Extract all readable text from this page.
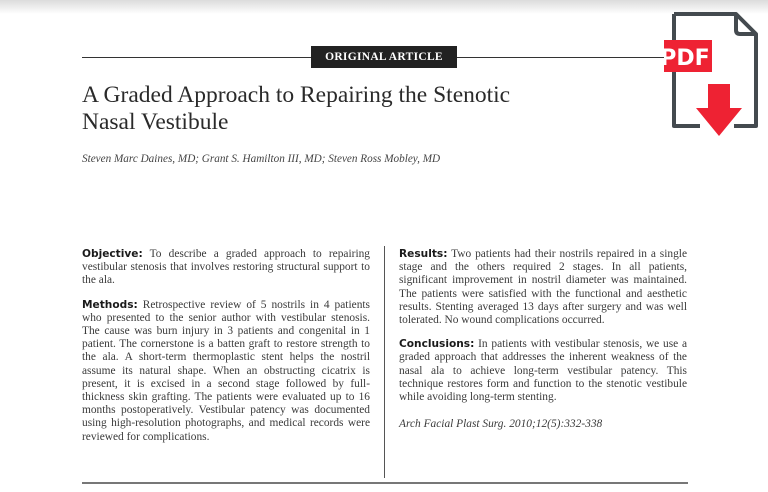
ORIGINAL ARTICLE
A Graded Approach to Repairing the Stenotic
Nasal Vestibule
Steven Marc Daines, MD; Grant S. Hamilton III, MD; Steven Ross Mobley, MD

Objective: To describe a graded approach to repairing vestibular stenosis that involves restoring structural support to the ala.

Methods: Retrospective review of 5 nostrils in 4 patients who presented to the senior author with vestibular stenosis. The cause was burn injury in 3 patients and congenital in 1 patient. The cornerstone is a batten graft to restore strength to the ala. A short-term thermoplastic stent helps the nostril assume its natural shape. When an obstructing cicatrix is present, it is excised in a second stage followed by full-thickness skin grafting. The patients were evaluated up to 16 months postoperatively. Vestibular patency was documented using high-resolution photographs, and medical records were reviewed for complications.

Results: Two patients had their nostrils repaired in a single stage and the others required 2 stages. In all patients, significant improvement in nostril diameter was maintained. The patients were satisfied with the functional and aesthetic results. Stenting averaged 13 days after surgery and was well tolerated. No wound complications occurred.

Conclusions: In patients with vestibular stenosis, we use a graded approach that addresses the inherent weakness of the nasal ala to achieve long-term vestibular patency. This technique restores form and function to the stenotic vestibule while avoiding long-term stenting.

Arch Facial Plast Surg. 2010;12(5):332-338
PDF
